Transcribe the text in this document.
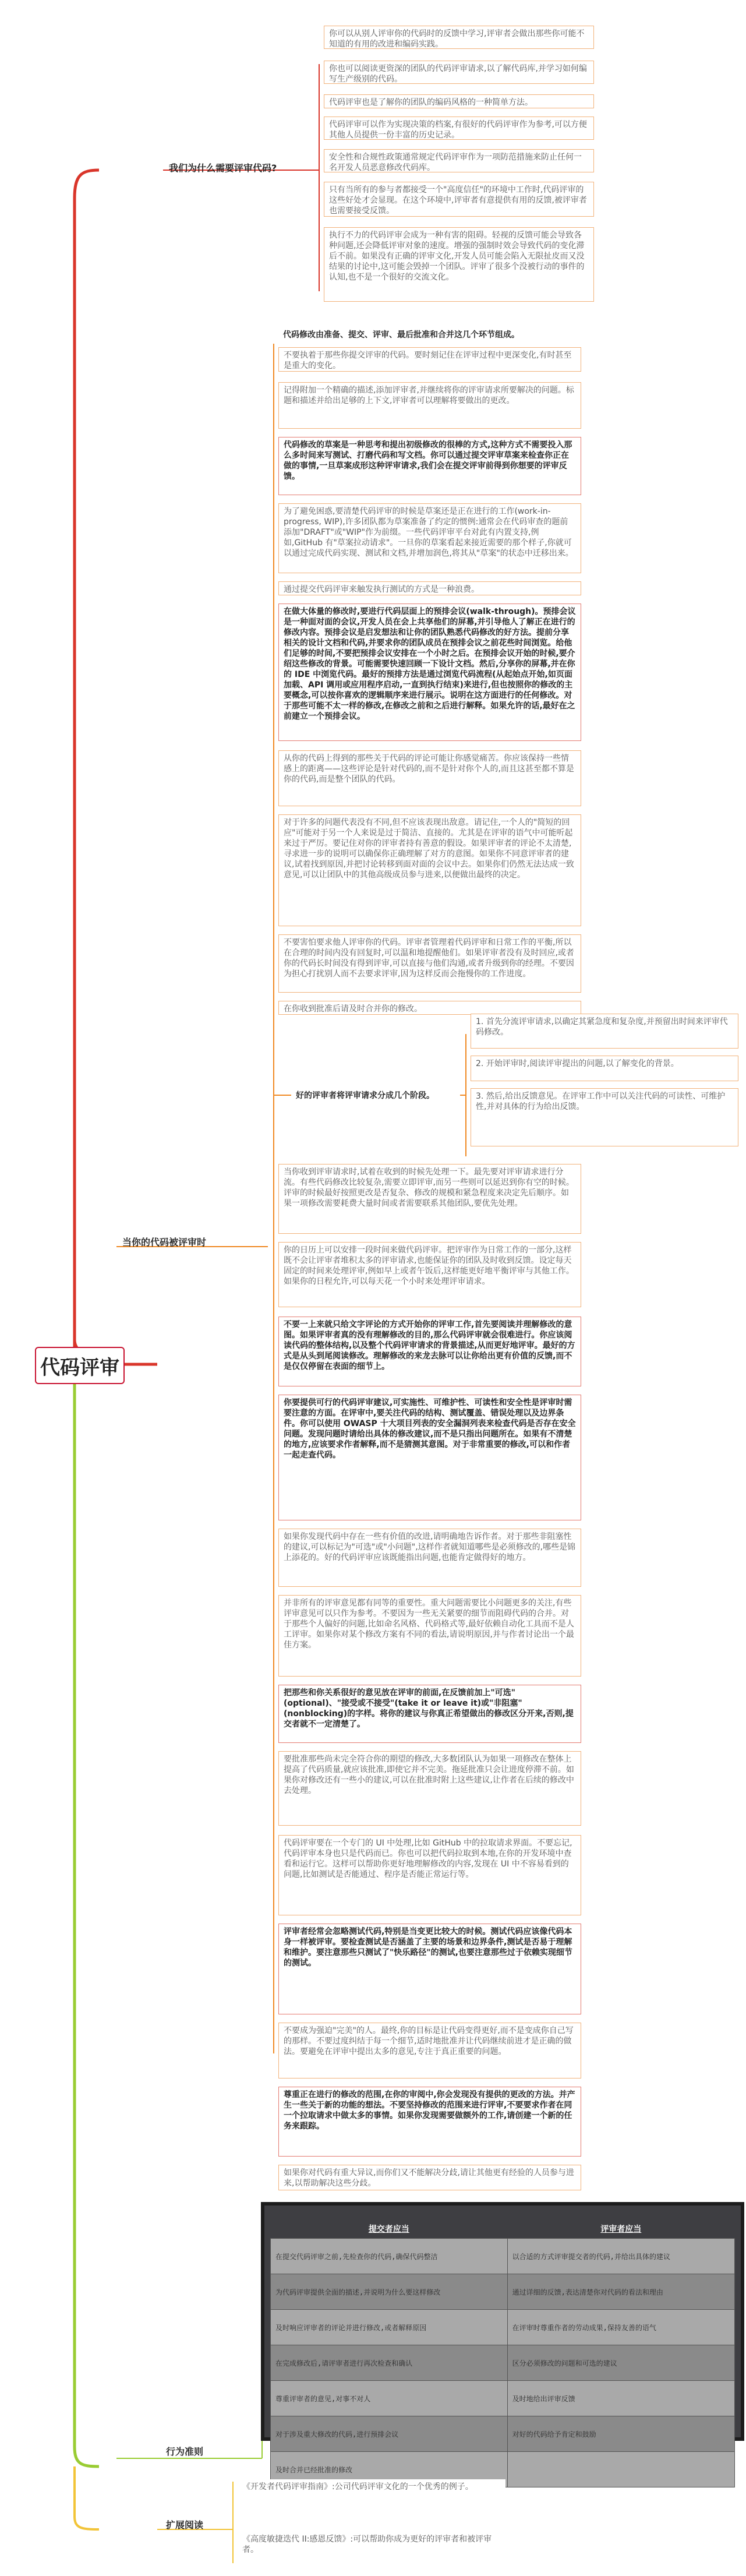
代码评审
我们为什么需要评审代码?
当你的代码被评审时
行为准则
扩展阅读
你可以从别人评审你的代码时的反馈中学习,评审者会做出那些你可能不知道的有用的改进和编码实践。
你也可以阅读更资深的团队的代码评审请求,以了解代码库,并学习如何编写生产级别的代码。
代码评审也是了解你的团队的编码风格的一种简单方法。
代码评审可以作为实现决策的档案,有很好的代码评审作为参考,可以方便其他人员提供一份丰富的历史记录。
安全性和合规性政策通常规定代码评审作为一项防范措施来防止任何一名开发人员恶意修改代码库。
只有当所有的参与者都接受一个"高度信任"的环境中工作时,代码评审的这些好处才会显现。在这个环境中,评审者有意提供有用的反馈,被评审者也需要接受反馈。
执行不力的代码评审会成为一种有害的阻碍。轻视的反馈可能会导致各种问题,还会降低评审对象的速度。增强的强制时效会导致代码的变化滞后不前。如果没有正确的评审文化,开发人员可能会陷入无限扯皮而又没结果的讨论中,这可能会毁掉一个团队。评审了很多个没被行动的事件的认知,也不是一个很好的交流文化。
代码修改由准备、提交、评审、最后批准和合并这几个环节组成。
不要执着于那些你提交评审的代码。要时刻记住在评审过程中更深变化,有时甚至是重大的变化。
记得附加一个精确的描述,添加评审者,并继续将你的评审请求所要解决的问题。标题和描述并给出足够的上下文,评审者可以理解将要做出的更改。
代码修改的草案是一种思考和提出初级修改的很棒的方式,这种方式不需要投入那么多时间来写测试、打磨代码和写文档。你可以通过提交评审草案来检查你正在做的事情,一旦草案成形这种评审请求,我们会在提交评审前得到你想要的评审反馈。
为了避免困惑,要清楚代码评审的时候是草案还是正在进行的工作(work-in-progress, WIP),许多团队都为草案准备了约定的惯例:通常会在代码审查的题前添加"DRAFT"或"WIP"作为前缀。一些代码评审平台对此有内置支持,例如,GitHub 有"草案拉动请求"。一旦你的草案看起来接近需要的那个样子,你就可以通过完成代码实现、测试和文档,并增加润色,将其从"草案"的状态中迁移出来。
通过提交代码评审来触发执行测试的方式是一种浪费。
在做大体量的修改时,要进行代码层面上的预排会议(walk-through)。预排会议是一种面对面的会议,开发人员在会上共享他们的屏幕,并引导他人了解正在进行的修改内容。预排会议是启发想法和让你的团队熟悉代码修改的好方法。提前分享相关的设计文档和代码,并要求你的团队成员在预排会议之前花些时间浏览。给他们足够的时间,不要把预排会议安排在一个小时之后。在预排会议开始的时候,要介绍这些修改的背景。可能需要快速回顾一下设计文档。然后,分享你的屏幕,并在你的 IDE 中浏览代码。最好的预排方法是通过浏览代码流程(从起始点开始,如页面加载、API 调用或应用程序启动,一直到执行结束)来进行,但也按照你的修改的主要概念,可以按你喜欢的逻辑顺序来进行展示。说明在这方面进行的任何修改。对于那些可能不太一样的修改,在修改之前和之后进行解释。如果允许的话,最好在之前建立一个预排会议。
从你的代码上得到的那些关于代码的评论可能让你感觉痛苦。你应该保持一些情感上的距离——这些评论是针对代码的,而不是针对你个人的,而且这甚至都不算是你的代码,而是整个团队的代码。
对于许多的问题代表没有不同,但不应该表现出敌意。请记住,一个人的"简短的回应"可能对于另一个人来说是过于简洁、直接的。尤其是在评审的语气中可能听起来过于严厉。要记住对你的评审者持有善意的假设。如果评审者的评论不太清楚,寻求进一步的说明可以确保你正确理解了对方的意图。如果你不同意评审者的建议,试着找到原因,并把讨论转移到面对面的会议中去。如果你们仍然无法达成一致意见,可以让团队中的其他高级成员参与进来,以便做出最终的决定。
不要害怕要求他人评审你的代码。评审者管理着代码评审和日常工作的平衡,所以在合理的时间内没有回复时,可以温和地提醒他们。如果评审者没有及时回应,或者你的代码长时间没有得到评审,可以直接与他们沟通,或者升级到你的经理。不要因为担心打扰别人而不去要求评审,因为这样反而会拖慢你的工作进度。
在你收到批准后请及时合并你的修改。
好的评审者将评审请求分成几个阶段。
当你收到评审请求时,试着在收到的时候先处理一下。最先要对评审请求进行分流。有些代码修改比较复杂,需要立即评审,而另一些则可以延迟到你有空的时候。评审的时候最好按照更改是否复杂、修改的规模和紧急程度来决定先后顺序。如果一项修改需要耗费大量时间或者需要联系其他团队,要优先处理。
你的日历上可以安排一段时间来做代码评审。把评审作为日常工作的一部分,这样既不会让评审者堆积太多的评审请求,也能保证你的团队及时收到反馈。设定每天固定的时间来处理评审,例如早上或者午饭后,这样能更好地平衡评审与其他工作。如果你的日程允许,可以每天花一个小时来处理评审请求。
不要一上来就只给文字评论的方式开始你的评审工作,首先要阅读并理解修改的意图。如果评审者真的没有理解修改的目的,那么代码评审就会很难进行。你应该阅读代码的整体结构,以及整个代码评审请求的背景描述,从而更好地评审。最好的方式是从头到尾阅读修改。理解修改的来龙去脉可以让你给出更有价值的反馈,而不是仅仅停留在表面的细节上。
你要提供可行的代码评审建议,可实施性、可维护性、可读性和安全性是评审时需要注意的方面。在评审中,要关注代码的结构、测试覆盖、错误处理以及边界条件。你可以使用 OWASP 十大项目列表的安全漏洞列表来检查代码是否存在安全问题。发现问题时请给出具体的修改建议,而不是只指出问题所在。如果有不清楚的地方,应该要求作者解释,而不是猜测其意图。对于非常重要的修改,可以和作者一起走查代码。
如果你发现代码中存在一些有价值的改进,请明确地告诉作者。对于那些非阻塞性的建议,可以标记为"可选"或"小问题",这样作者就知道哪些是必须修改的,哪些是锦上添花的。好的代码评审应该既能指出问题,也能肯定做得好的地方。
并非所有的评审意见都有同等的重要性。重大问题需要比小问题更多的关注,有些评审意见可以只作为参考。不要因为一些无关紧要的细节而阻碍代码的合并。对于那些个人偏好的问题,比如命名风格、代码格式等,最好依赖自动化工具而不是人工评审。如果你对某个修改方案有不同的看法,请说明原因,并与作者讨论出一个最佳方案。
把那些和你关系很好的意见放在评审的前面,在反馈前加上"可选"(optional)、"接受或不接受"(take it or leave it)或"非阻塞"(nonblocking)的字样。将你的建议与你真正希望做出的修改区分开来,否则,提交者就不一定清楚了。
要批准那些尚未完全符合你的期望的修改,大多数团队认为如果一项修改在整体上提高了代码质量,就应该批准,即使它并不完美。拖延批准只会让进度停滞不前。如果你对修改还有一些小的建议,可以在批准时附上这些建议,让作者在后续的修改中去处理。
代码评审要在一个专门的 UI 中处理,比如 GitHub 中的拉取请求界面。不要忘记,代码评审本身也只是代码而已。你也可以把代码拉取到本地,在你的开发环境中查看和运行它。这样可以帮助你更好地理解修改的内容,发现在 UI 中不容易看到的问题,比如测试是否能通过、程序是否能正常运行等。
评审者经常会忽略测试代码,特别是当变更比较大的时候。测试代码应该像代码本身一样被评审。要检查测试是否涵盖了主要的场景和边界条件,测试是否易于理解和维护。要注意那些只测试了"快乐路径"的测试,也要注意那些过于依赖实现细节的测试。
不要成为强迫"完美"的人。最终,你的目标是让代码变得更好,而不是变成你自己写的那样。不要过度纠结于每一个细节,适时地批准并让代码继续前进才是正确的做法。要避免在评审中提出太多的意见,专注于真正重要的问题。
尊重正在进行的修改的范围,在你的审阅中,你会发现没有提供的更改的方法。并产生一些关于新的功能的想法。不要坚持修改的范围来进行评审,不要要求作者在同一个拉取请求中做太多的事情。如果你发现需要做额外的工作,请创建一个新的任务来跟踪。
如果你对代码有重大异议,而你们又不能解决分歧,请让其他更有经验的人员参与进来,以帮助解决这些分歧。
1. 首先分流评审请求,以确定其紧急度和复杂度,并预留出时间来评审代码修改。
2. 开始评审时,阅读评审提出的问题,以了解变化的背景。
3. 然后,给出反馈意见。在评审工作中可以关注代码的可读性、可维护性,并对具体的行为给出反馈。
提交者应当	评审者应当
在提交代码评审之前,先检查你的代码,确保代码整洁	以合适的方式评审提交者的代码,并给出具体的建议
为代码评审提供全面的描述,并说明为什么要这样修改	通过详细的反馈,表达清楚你对代码的看法和理由
及时响应评审者的评论并进行修改,或者解释原因	在评审时尊重作者的劳动成果,保持友善的语气
在完成修改后,请评审者进行再次检查和确认	区分必须修改的问题和可选的建议
尊重评审者的意见,对事不对人	及时地给出评审反馈
对于涉及重大修改的代码,进行预排会议	对好的代码给予肯定和鼓励
及时合并已经批准的修改	
《开发者代码评审指南》:公司代码评审文化的一个优秀的例子。
《高度敏捷迭代 II:感恩反馈》:可以帮助你成为更好的评审者和被评审者。
